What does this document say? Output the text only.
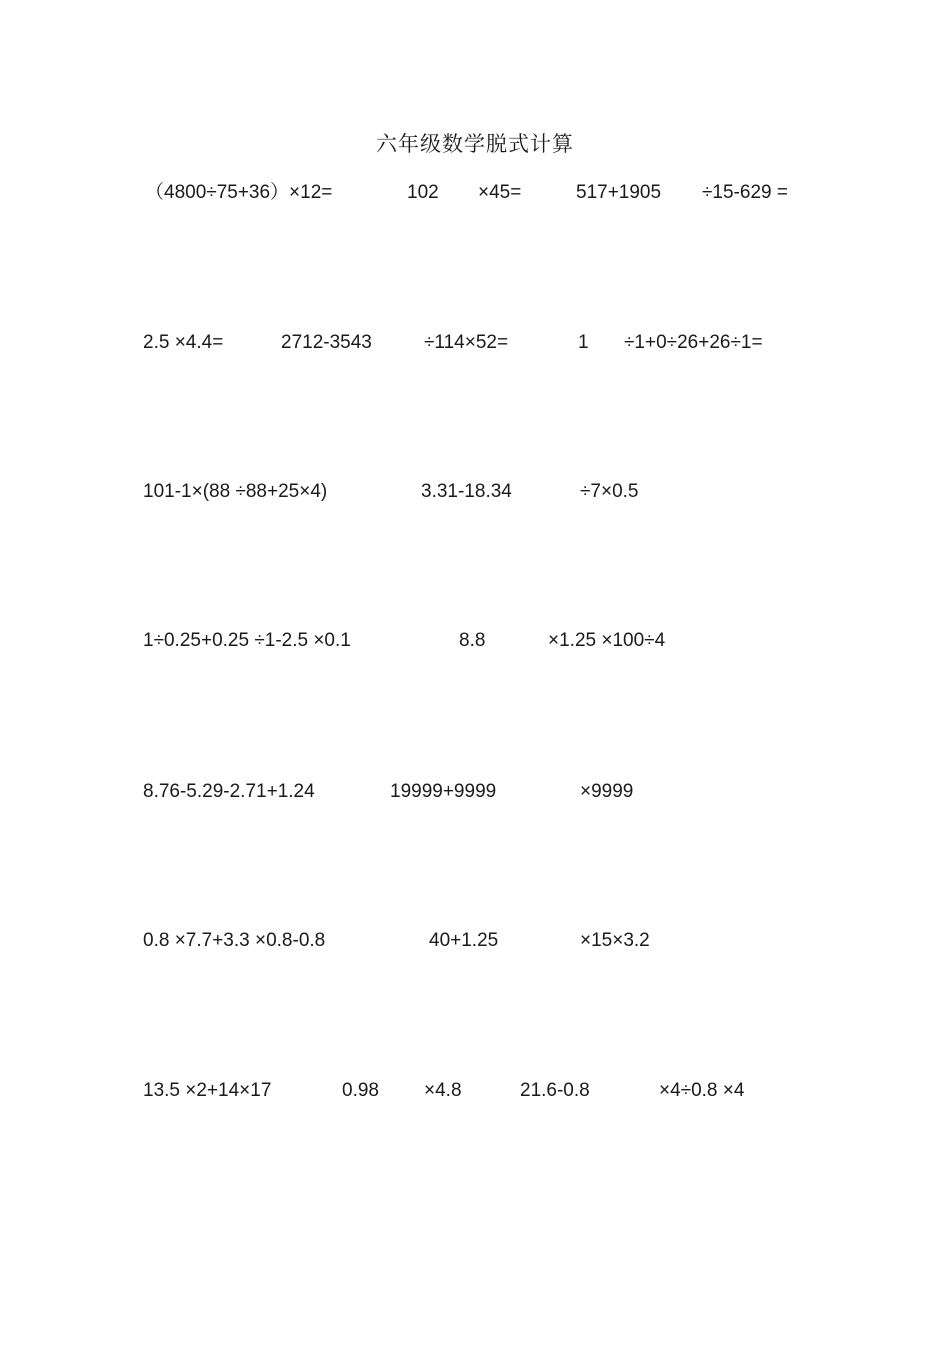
六年级数学脱式计算
（4800÷75+36）×12=	102 ×45=	517+1905 ÷15-629 =
2.5 ×4.4=	2712-3543	÷114×52=	1 ÷1+0÷26+26÷1=
101-1×(88 ÷88+25×4)	3.31-18.34	÷7×0.5
1÷0.25+0.25 ÷1-2.5 ×0.1	8.8	×1.25 ×100÷4
8.76-5.29-2.71+1.24	19999+9999	×9999
0.8 ×7.7+3.3 ×0.8-0.8	40+1.25	×15×3.2
13.5 ×2+14×17	0.98 ×4.8	21.6-0.8	×4÷0.8 ×4
